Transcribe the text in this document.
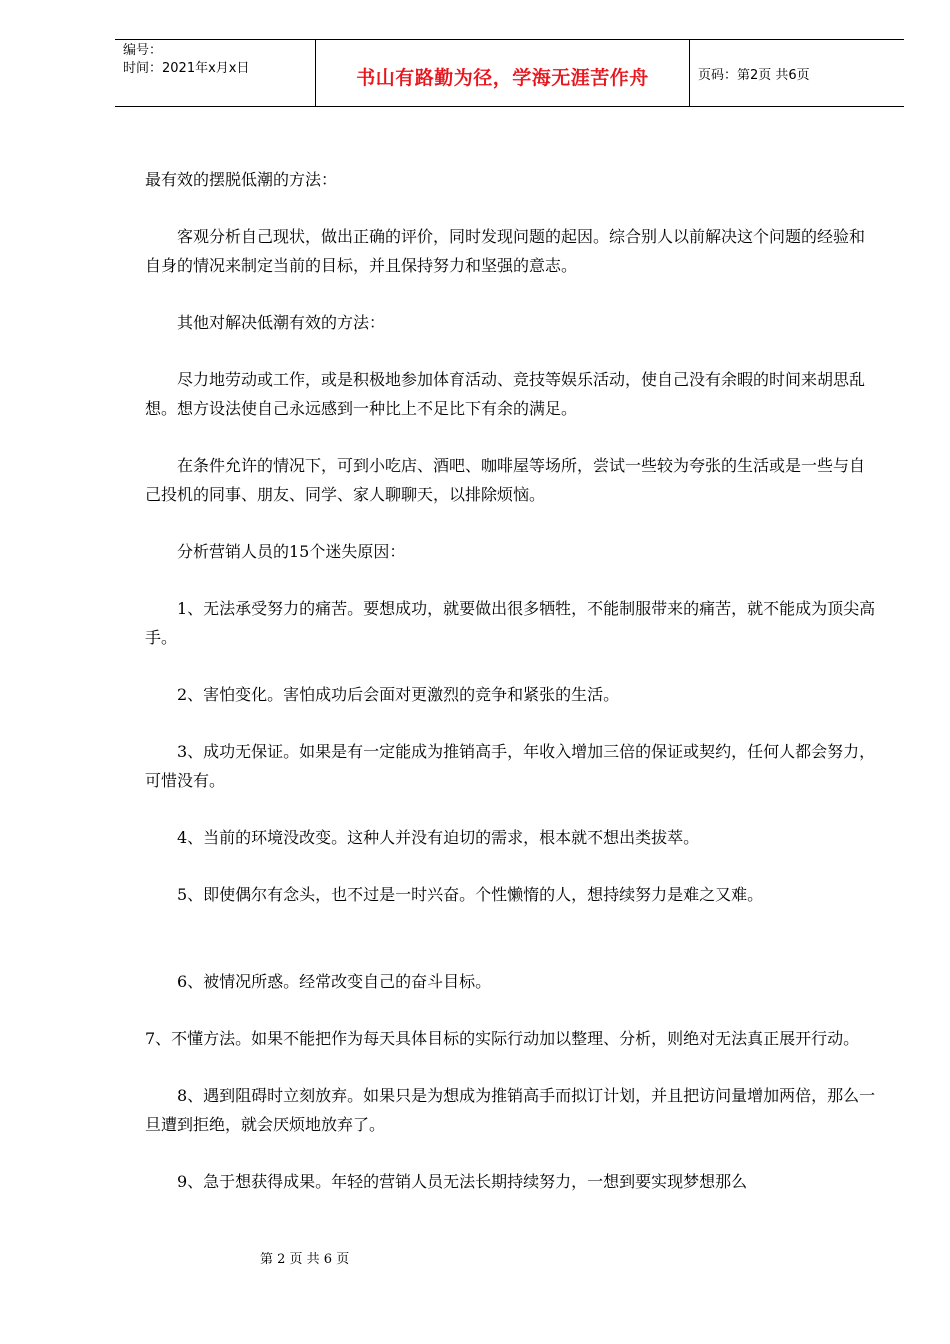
编号：
时间：2021年x月x日	书山有路勤为径，学海无涯苦作舟	页码：第2页 共6页

最有效的摆脱低潮的方法：

客观分析自己现状，做出正确的评价，同时发现问题的起因。综合别人以前解决这个问题的经验和自身的情况来制定当前的目标，并且保持努力和坚强的意志。

其他对解决低潮有效的方法：

尽力地劳动或工作，或是积极地参加体育活动、竞技等娱乐活动，使自己没有余暇的时间来胡思乱想。想方设法使自己永远感到一种比上不足比下有余的满足。

在条件允许的情况下，可到小吃店、酒吧、咖啡屋等场所，尝试一些较为夸张的生活或是一些与自己投机的同事、朋友、同学、家人聊聊天，以排除烦恼。

分析营销人员的15个迷失原因：

1、无法承受努力的痛苦。要想成功，就要做出很多牺牲，不能制服带来的痛苦，就不能成为顶尖高手。

2、害怕变化。害怕成功后会面对更激烈的竞争和紧张的生活。

3、成功无保证。如果是有一定能成为推销高手，年收入增加三倍的保证或契约，任何人都会努力，可惜没有。

4、当前的环境没改变。这种人并没有迫切的需求，根本就不想出类拔萃。

5、即使偶尔有念头，也不过是一时兴奋。个性懒惰的人，想持续努力是难之又难。

6、被情况所惑。经常改变自己的奋斗目标。

7、不懂方法。如果不能把作为每天具体目标的实际行动加以整理、分析，则绝对无法真正展开行动。

8、遇到阻碍时立刻放弃。如果只是为想成为推销高手而拟订计划，并且把访问量增加两倍，那么一旦遭到拒绝，就会厌烦地放弃了。

9、急于想获得成果。年轻的营销人员无法长期持续努力，一想到要实现梦想那么

第 2 页 共 6 页
